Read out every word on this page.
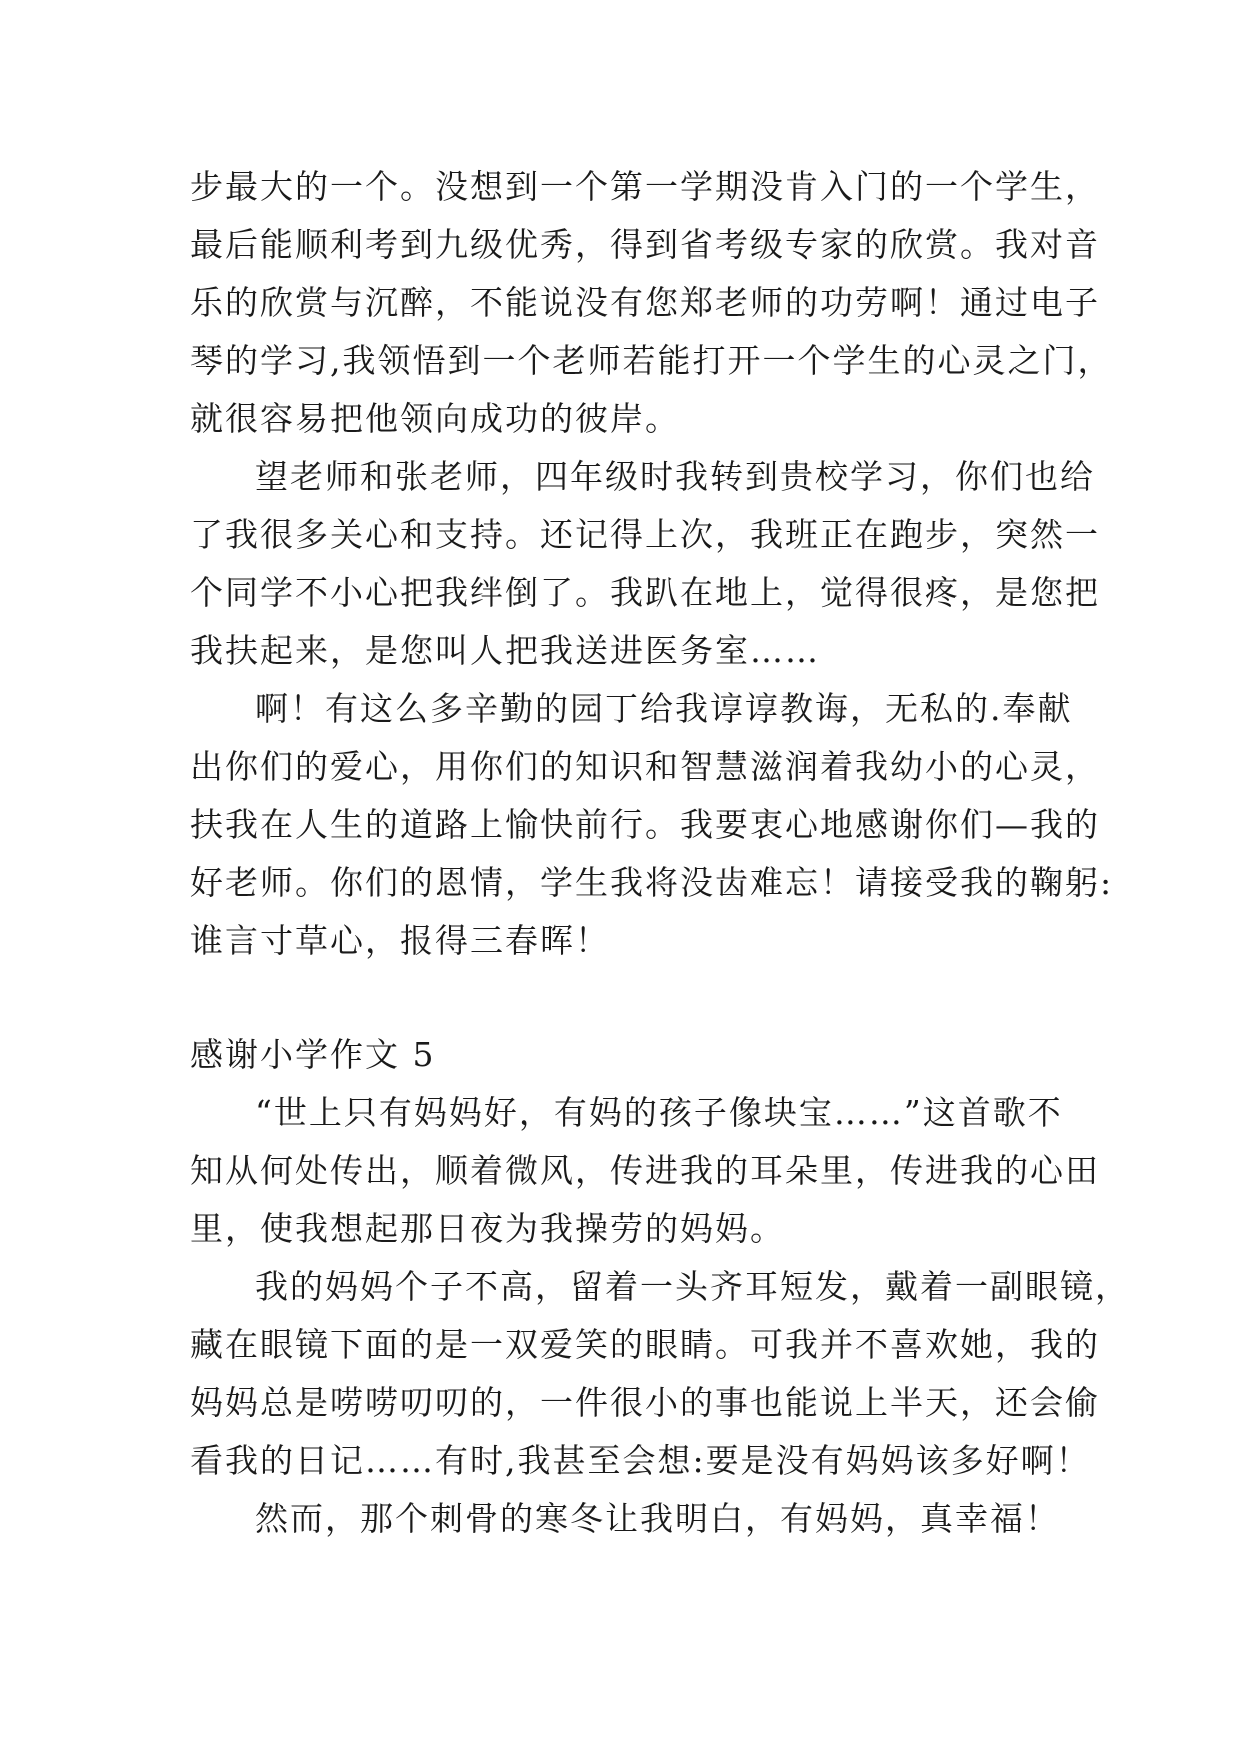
步最大的一个。没想到一个第一学期没肯入门的一个学生，
最后能顺利考到九级优秀，得到省考级专家的欣赏。我对音
乐的欣赏与沉醉，不能说没有您郑老师的功劳啊！通过电子
琴的学习,我领悟到一个老师若能打开一个学生的心灵之门，
就很容易把他领向成功的彼岸。
望老师和张老师，四年级时我转到贵校学习，你们也给
了我很多关心和支持。还记得上次，我班正在跑步，突然一
个同学不小心把我绊倒了。我趴在地上，觉得很疼，是您把
我扶起来，是您叫人把我送进医务室……
啊！有这么多辛勤的园丁给我谆谆教诲，无私的.奉献
出你们的爱心，用你们的知识和智慧滋润着我幼小的心灵，
扶我在人生的道路上愉快前行。我要衷心地感谢你们—我的
好老师。你们的恩情，学生我将没齿难忘！请接受我的鞠躬:
谁言寸草心，报得三春晖！
感谢小学作文 5
“世上只有妈妈好，有妈的孩子像块宝……”这首歌不
知从何处传出，顺着微风，传进我的耳朵里，传进我的心田
里，使我想起那日夜为我操劳的妈妈。
我的妈妈个子不高，留着一头齐耳短发，戴着一副眼镜，
藏在眼镜下面的是一双爱笑的眼睛。可我并不喜欢她，我的
妈妈总是唠唠叨叨的，一件很小的事也能说上半天，还会偷
看我的日记……有时,我甚至会想:要是没有妈妈该多好啊！
然而，那个刺骨的寒冬让我明白，有妈妈，真幸福！
